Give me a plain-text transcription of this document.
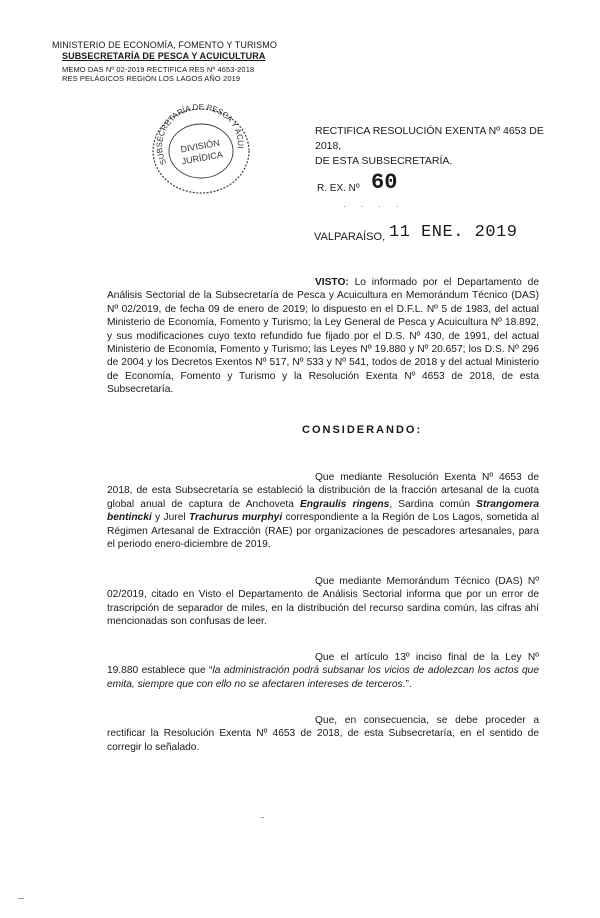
MINISTERIO DE ECONOMÍA, FOMENTO Y TURISMO
SUBSECRETARÍA DE PESCA Y ACUICULTURA
MEMO DAS Nº 02-2019 RECTIFICA RES Nº 4653-2018
RES PELÁGICOS REGIÓN LOS LAGOS AÑO 2019
SUBSECRETARÍA DE PESCA Y ACUICULTURA
DIVISIÓN
JURÍDICA
RECTIFICA RESOLUCIÓN EXENTA Nº 4653 DE 2018,
DE ESTA SUBSECRETARÍA.
R. EX. Nº 60
· · · ·
VALPARAÍSO, 11 ENE. 2019
VISTO: Lo informado por el Departamento de Análisis Sectorial de la Subsecretaría de Pesca y Acuicultura en Memorándum Técnico (DAS) Nº 02/2019, de fecha 09 de enero de 2019; lo dispuesto en el D.F.L. Nº 5 de 1983, del actual Ministerio de Economía, Fomento y Turismo; la Ley General de Pesca y Acuicultura Nº 18.892, y sus modificaciones cuyo texto refundido fue fijado por el D.S. Nº 430, de 1991, del actual Ministerio de Economía, Fomento y Turismo; las Leyes Nº 19.880 y Nº 20.657; los D.S. Nº 296 de 2004 y los Decretos Exentos Nº 517, Nº 533 y Nº 541, todos de 2018 y del actual Ministerio de Economía, Fomento y Turismo y la Resolución Exenta Nº 4653 de 2018, de esta Subsecretaría.
CONSIDERANDO:
Que mediante Resolución Exenta Nº 4653 de 2018, de esta Subsecretaría se estableció la distribución de la fracción artesanal de la cuota global anual de captura de Anchoveta Engraulis ringens, Sardina común Strangomera bentincki y Jurel Trachurus murphyi correspondiente a la Región de Los Lagos, sometida al Régimen Artesanal de Extracción (RAE) por organizaciones de pescadores artesanales, para el periodo enero-diciembre de 2019.
Que mediante Memorándum Técnico (DAS) Nº 02/2019, citado en Visto el Departamento de Análisis Sectorial informa que por un error de trascripción de separador de miles, en la distribución del recurso sardina común, las cifras ahí mencionadas son confusas de leer.
Que el artículo 13º inciso final de la Ley Nº 19.880 establece que “la administración podrá subsanar los vicios de adolezcan los actos que emita, siempre que con ello no se afectaren intereses de terceros.”.
Que, en consecuencia, se debe proceder a rectificar la Resolución Exenta Nº 4653 de 2018, de esta Subsecretaría, en el sentido de corregir lo señalado.
